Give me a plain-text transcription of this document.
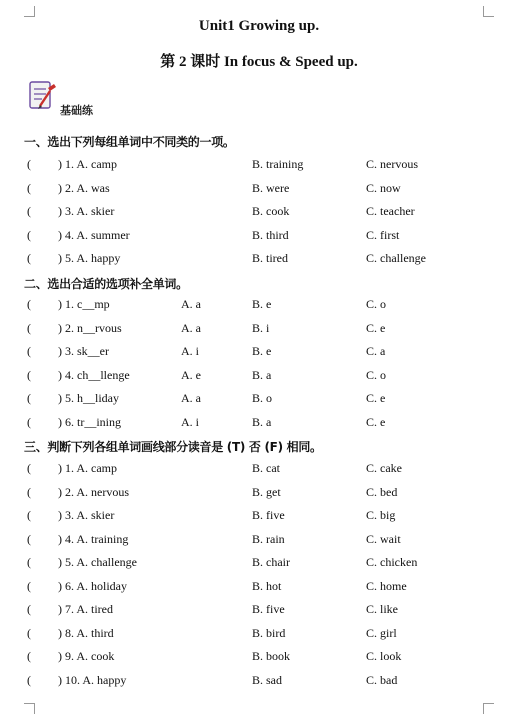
Unit1 Growing up.
第 2 课时 In focus & Speed up.
基础练
一、选出下列每组单词中不同类的一项。
( ) 1. A. camp	B. training	C. nervous
( ) 2. A. was	B. were	C. now
( ) 3. A. skier	B. cook	C. teacher
( ) 4. A. summer	B. third	C. first
( ) 5. A. happy	B. tired	C. challenge
二、选出合适的选项补全单词。
( ) 1. c__mp	A. a	B. e	C. o
( ) 2. n__rvous	A. a	B. i	C. e
( ) 3. sk__er	A. i	B. e	C. a
( ) 4. ch__llenge	A. e	B. a	C. o
( ) 5. h__liday	A. a	B. o	C. e
( ) 6. tr__ining	A. i	B. a	C. e
三、判断下列各组单词画线部分读音是 (T) 否 (F) 相同。
( ) 1. A. camp	B. cat	C. cake
( ) 2. A. nervous	B. get	C. bed
( ) 3. A. skier	B. five	C. big
( ) 4. A. training	B. rain	C. wait
( ) 5. A. challenge	B. chair	C. chicken
( ) 6. A. holiday	B. hot	C. home
( ) 7. A. tired	B. five	C. like
( ) 8. A. third	B. bird	C. girl
( ) 9. A. cook	B. book	C. look
( ) 10. A. happy	B. sad	C. bad
